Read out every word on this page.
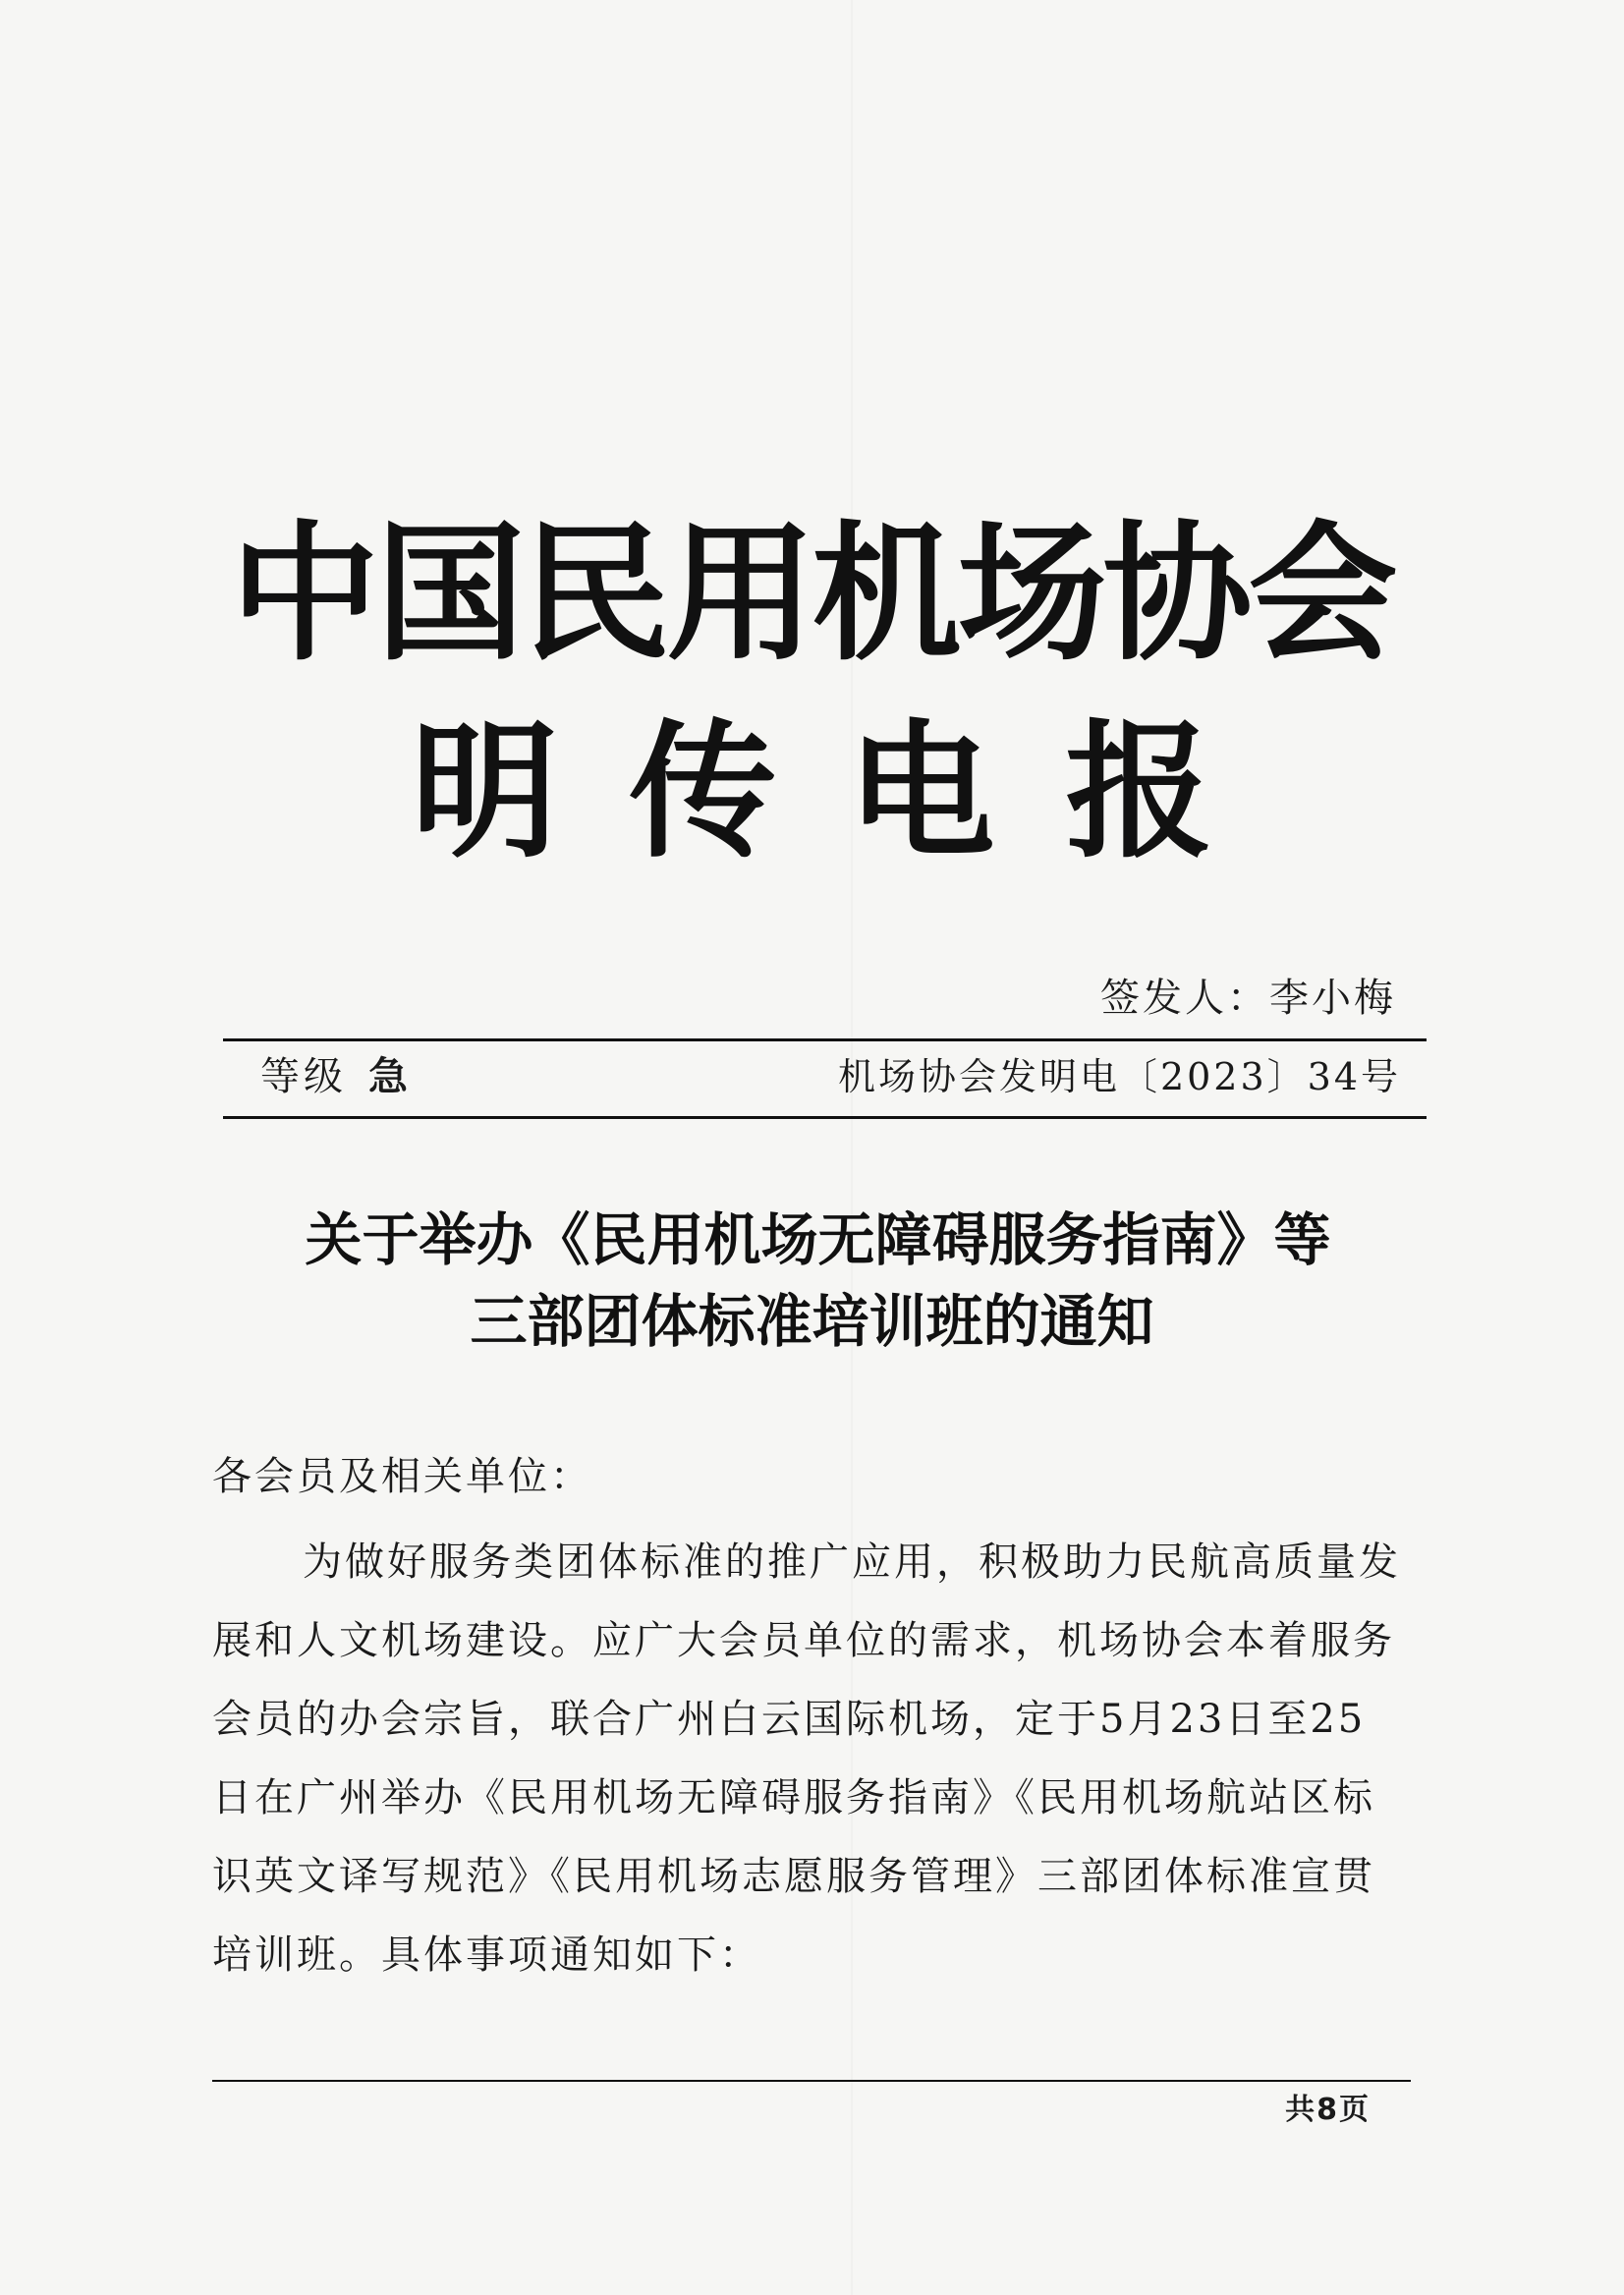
中国民用机场协会
明传电报
签发人：李小梅
等级 急	机场协会发明电〔2023〕34号
关于举办《民用机场无障碍服务指南》等
三部团体标准培训班的通知
各会员及相关单位：
为做好服务类团体标准的推广应用，积极助力民航高质量发
展和人文机场建设。应广大会员单位的需求，机场协会本着服务
会员的办会宗旨，联合广州白云国际机场，定于5月23日至25
日在广州举办《民用机场无障碍服务指南》《民用机场航站区标
识英文译写规范》《民用机场志愿服务管理》三部团体标准宣贯
培训班。具体事项通知如下：
共8页
